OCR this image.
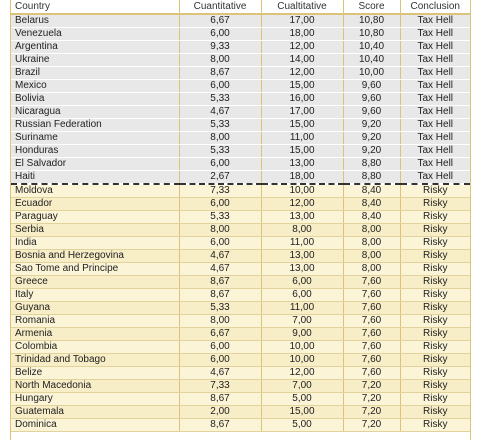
Country	Cuantitative	Cualtitative	Score	Conclusion
Belarus	6,67	17,00	10,80	Tax Hell
Venezuela	6,00	18,00	10,80	Tax Hell
Argentina	9,33	12,00	10,40	Tax Hell
Ukraine	8,00	14,00	10,40	Tax Hell
Brazil	8,67	12,00	10,00	Tax Hell
Mexico	6,00	15,00	9,60	Tax Hell
Bolivia	5,33	16,00	9,60	Tax Hell
Nicaragua	4,67	17,00	9,60	Tax Hell
Russian Federation	5,33	15,00	9,20	Tax Hell
Suriname	8,00	11,00	9,20	Tax Hell
Honduras	5,33	15,00	9,20	Tax Hell
El Salvador	6,00	13,00	8,80	Tax Hell
Haiti	2,67	18,00	8,80	Tax Hell
Moldova	7,33	10,00	8,40	Risky
Ecuador	6,00	12,00	8,40	Risky
Paraguay	5,33	13,00	8,40	Risky
Serbia	8,00	8,00	8,00	Risky
India	6,00	11,00	8,00	Risky
Bosnia and Herzegovina	4,67	13,00	8,00	Risky
Sao Tome and Principe	4,67	13,00	8,00	Risky
Greece	8,67	6,00	7,60	Risky
Italy	8,67	6,00	7,60	Risky
Guyana	5,33	11,00	7,60	Risky
Romania	8,00	7,00	7,60	Risky
Armenia	6,67	9,00	7,60	Risky
Colombia	6,00	10,00	7,60	Risky
Trinidad and Tobago	6,00	10,00	7,60	Risky
Belize	4,67	12,00	7,60	Risky
North Macedonia	7,33	7,00	7,20	Risky
Hungary	8,67	5,00	7,20	Risky
Guatemala	2,00	15,00	7,20	Risky
Dominica	8,67	5,00	7,20	Risky
